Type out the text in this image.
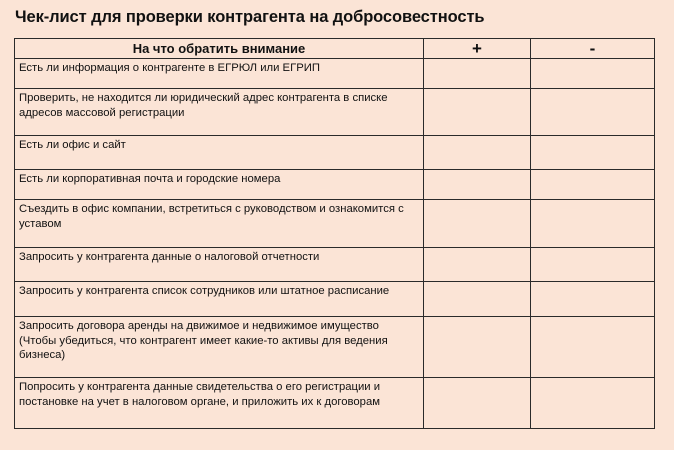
Чек-лист для проверки контрагента на добросовестность
На что обратить внимание	+	-
Есть ли информация о контрагенте в ЕГРЮЛ или ЕГРИП		
Проверить, не находится ли юридический адрес контрагента в списке адресов массовой регистрации		
Есть ли офис и сайт		
Есть ли корпоративная почта и городские номера		
Съездить в офис компании, встретиться с руководством и ознакомится с уставом		
Запросить у контрагента данные о налоговой отчетности		
Запросить у контрагента список сотрудников или штатное расписание		
Запросить договора аренды на движимое и недвижимое имущество (Чтобы убедиться, что контрагент имеет какие-то активы для ведения бизнеса)		
Попросить у контрагента данные свидетельства о его регистрации и постановке на учет в налоговом органе, и приложить их к договорам		
